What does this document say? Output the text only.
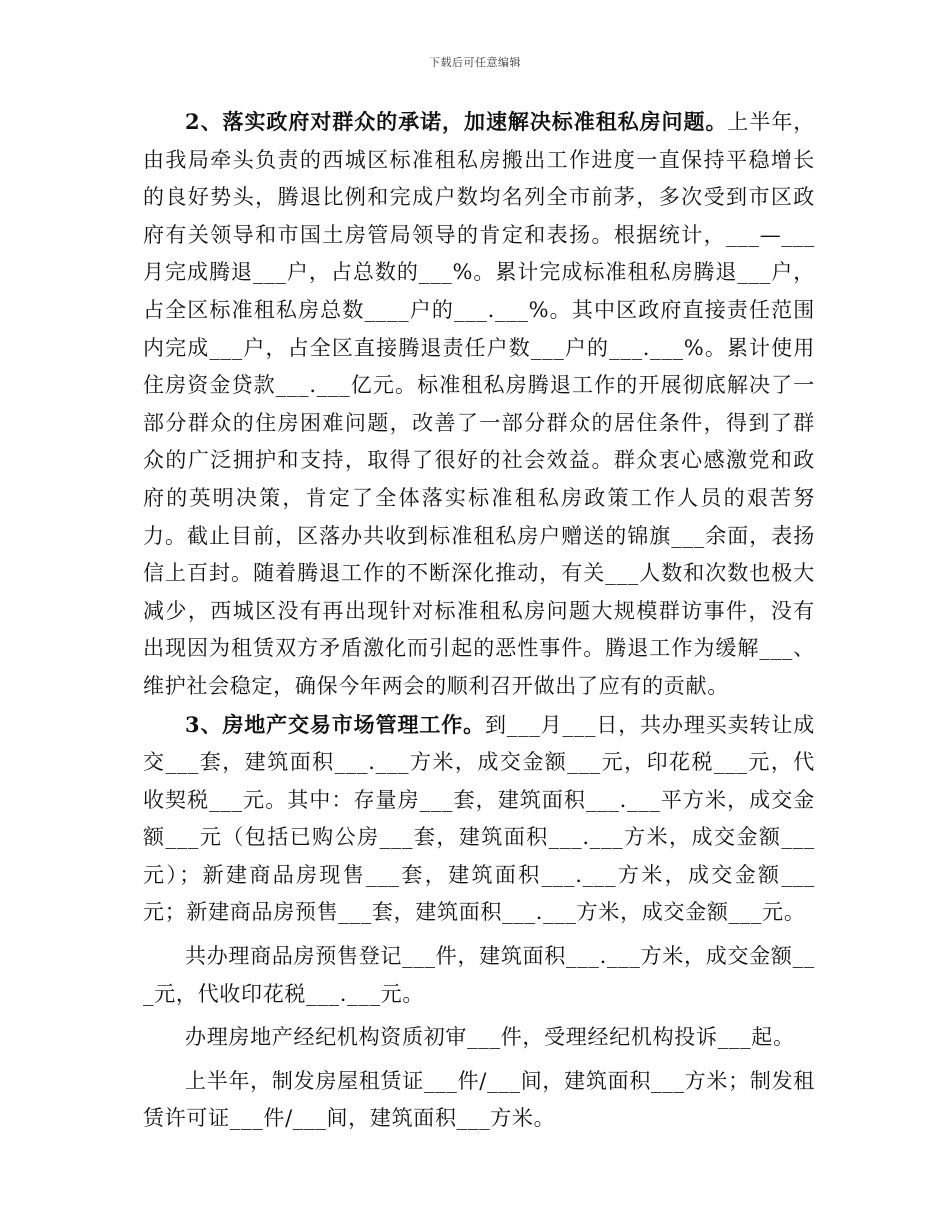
下载后可任意编辑

2、落实政府对群众的承诺，加速解决标准租私房问题。上半年，由我局牵头负责的西城区标准租私房搬出工作进度一直保持平稳增长的良好势头，腾退比例和完成户数均名列全市前茅，多次受到市区政府有关领导和市国土房管局领导的肯定和表扬。根据统计，___—___月完成腾退___户，占总数的___%。累计完成标准租私房腾退___户，占全区标准租私房总数____户的___.___%。其中区政府直接责任范围内完成___户，占全区直接腾退责任户数___户的___.___%。累计使用住房资金贷款___.___亿元。标准租私房腾退工作的开展彻底解决了一部分群众的住房困难问题，改善了一部分群众的居住条件，得到了群众的广泛拥护和支持，取得了很好的社会效益。群众衷心感激党和政府的英明决策，肯定了全体落实标准租私房政策工作人员的艰苦努力。截止目前，区落办共收到标准租私房户赠送的锦旗___余面，表扬信上百封。随着腾退工作的不断深化推动，有关___人数和次数也极大减少，西城区没有再出现针对标准租私房问题大规模群访事件，没有出现因为租赁双方矛盾激化而引起的恶性事件。腾退工作为缓解___、维护社会稳定，确保今年两会的顺利召开做出了应有的贡献。

3、房地产交易市场管理工作。到___月___日，共办理买卖转让成交___套，建筑面积___.___方米，成交金额___元，印花税___元，代收契税___元。其中：存量房___套，建筑面积___.___平方米，成交金额___元（包括已购公房___套，建筑面积___.___方米，成交金额___元）；新建商品房现售___套，建筑面积___.___方米，成交金额___元；新建商品房预售___套，建筑面积___.___方米，成交金额___元。

共办理商品房预售登记___件，建筑面积___.___方米，成交金额___元，代收印花税___.___元。

办理房地产经纪机构资质初审___件，受理经纪机构投诉___起。

上半年，制发房屋租赁证___件/___间，建筑面积___方米；制发租赁许可证___件/___间，建筑面积___方米。
